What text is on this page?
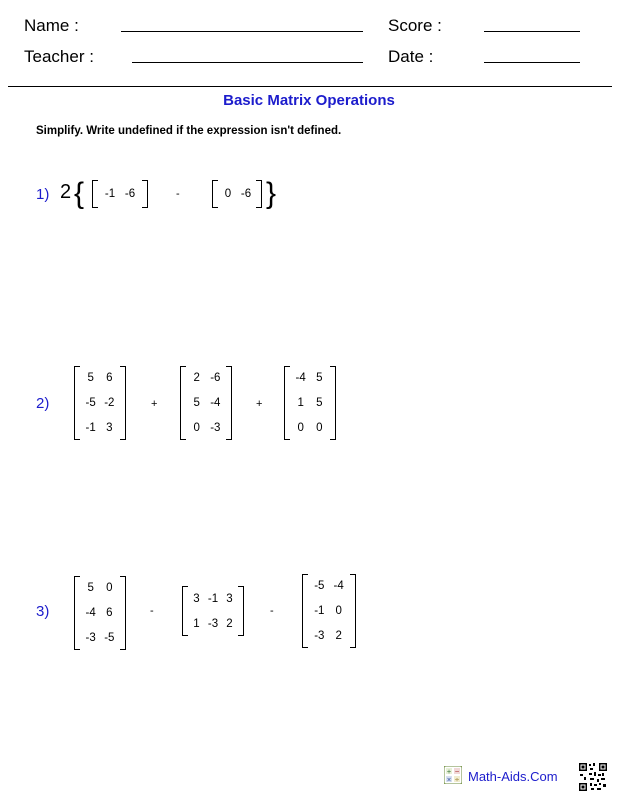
Name :	Score :
Teacher :	Date :
Basic Matrix Operations
Simplify. Write undefined if the expression isn't defined.
1) 2 { -1 -6	-	0 -6 }
2)
5	6
-5 -2
-1 3
+
2 -6
5 -4
0 -3
+
-4 5
1	5
0	0
3)
5	0
-4 6
-3 -5
-
3 -1 3
1 -3 2
-
-5 -4
-1 0
-3 2
+ −
× ÷ Math-Aids.Com
